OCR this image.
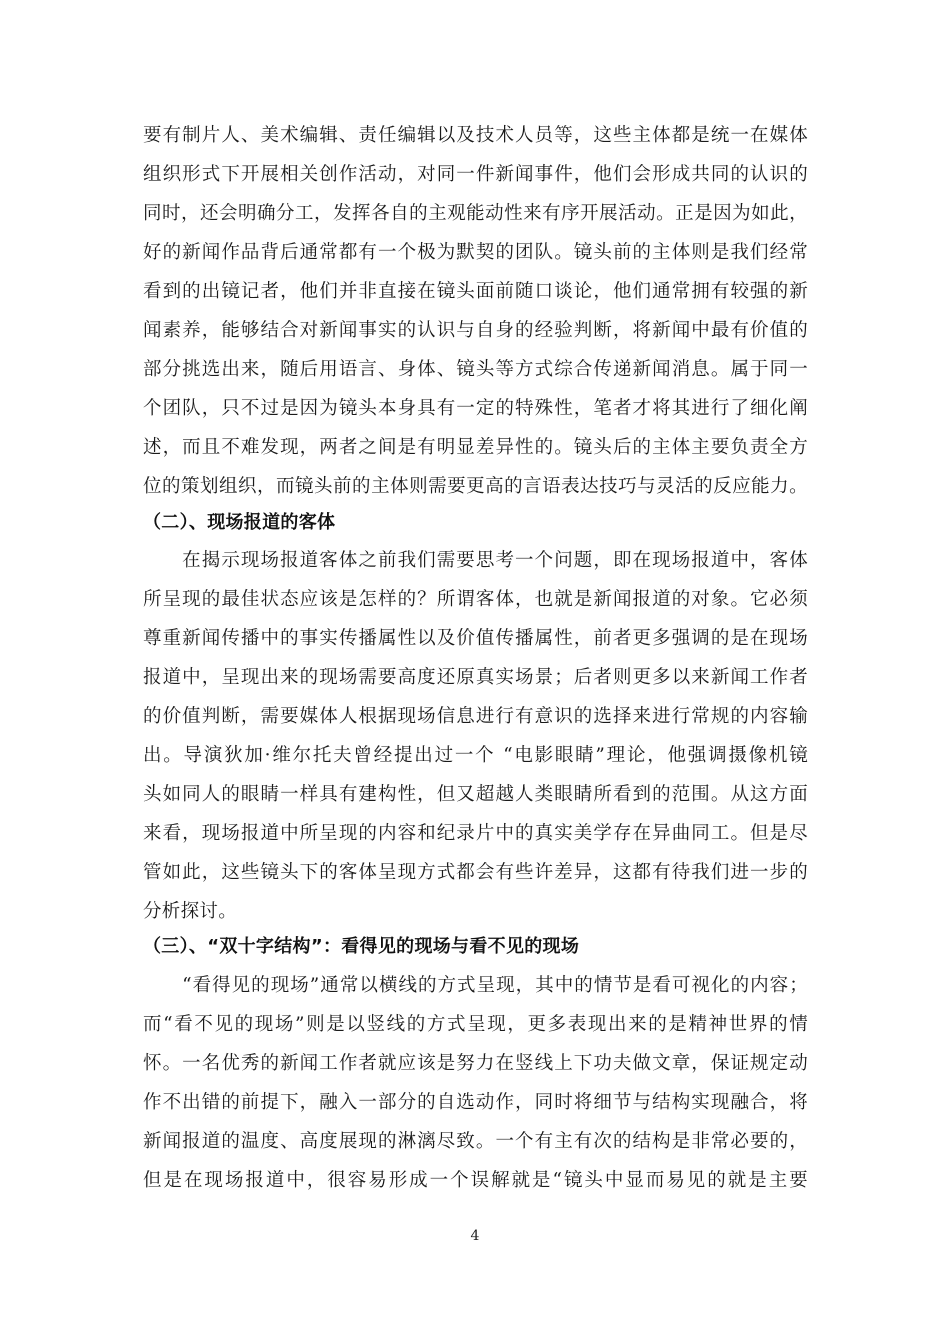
要有制片人、美术编辑、责任编辑以及技术人员等，这些主体都是统一在媒体
组织形式下开展相关创作活动，对同一件新闻事件，他们会形成共同的认识的
同时，还会明确分工，发挥各自的主观能动性来有序开展活动。正是因为如此，
好的新闻作品背后通常都有一个极为默契的团队。镜头前的主体则是我们经常
看到的出镜记者，他们并非直接在镜头面前随口谈论，他们通常拥有较强的新
闻素养，能够结合对新闻事实的认识与自身的经验判断，将新闻中最有价值的
部分挑选出来，随后用语言、身体、镜头等方式综合传递新闻消息。属于同一
个团队，只不过是因为镜头本身具有一定的特殊性，笔者才将其进行了细化阐
述，而且不难发现，两者之间是有明显差异性的。镜头后的主体主要负责全方
位的策划组织，而镜头前的主体则需要更高的言语表达技巧与灵活的反应能力。
（二）、现场报道的客体
　　在揭示现场报道客体之前我们需要思考一个问题，即在现场报道中，客体
所呈现的最佳状态应该是怎样的？所谓客体，也就是新闻报道的对象。它必须
尊重新闻传播中的事实传播属性以及价值传播属性，前者更多强调的是在现场
报道中，呈现出来的现场需要高度还原真实场景；后者则更多以来新闻工作者
的价值判断，需要媒体人根据现场信息进行有意识的选择来进行常规的内容输
出。导演狄加·维尔托夫曾经提出过一个 “电影眼睛”理论，他强调摄像机镜
头如同人的眼睛一样具有建构性，但又超越人类眼睛所看到的范围。从这方面
来看，现场报道中所呈现的内容和纪录片中的真实美学存在异曲同工。但是尽
管如此，这些镜头下的客体呈现方式都会有些许差异，这都有待我们进一步的
分析探讨。
（三）、“双十字结构”：看得见的现场与看不见的现场
　　“看得见的现场”通常以横线的方式呈现，其中的情节是看可视化的内容；
而“看不见的现场”则是以竖线的方式呈现，更多表现出来的是精神世界的情
怀。一名优秀的新闻工作者就应该是努力在竖线上下功夫做文章，保证规定动
作不出错的前提下，融入一部分的自选动作，同时将细节与结构实现融合，将
新闻报道的温度、高度展现的淋漓尽致。一个有主有次的结构是非常必要的，
但是在现场报道中，很容易形成一个误解就是“镜头中显而易见的就是主要
4
